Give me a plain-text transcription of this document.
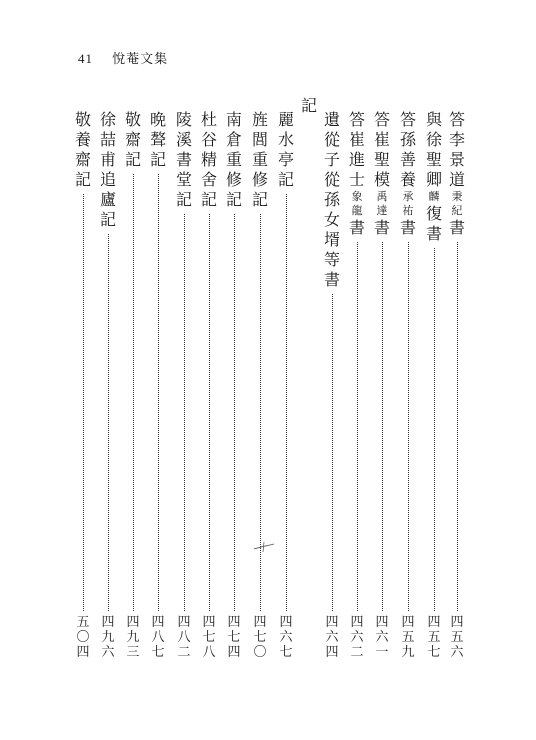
41 悅菴文集
記
答
李
景
道
秉
紀
書
四
五
六
與
徐
聖
卿
麟
復
書
四
五
七
答
孫
善
養
承
祐
書
四
五
九
答
崔
聖
模
禹
達
書
四
六
一
答
崔
進
士
象
龍
書
四
六
二
遺
從
子
從
孫
女
壻
等
書
四
六
四
麗
水
亭
記
四
六
七
旌
閭
重
修
記
四
七
〇
南
倉
重
修
記
四
七
四
杜
谷
精
舍
記
四
七
八
陵
溪
書
堂
記
四
八
二
晩
聱
記
四
八
七
敬
齋
記
四
九
三
徐
喆
甫
追
廬
記
四
九
六
敬
養
齋
記
五
〇
四
